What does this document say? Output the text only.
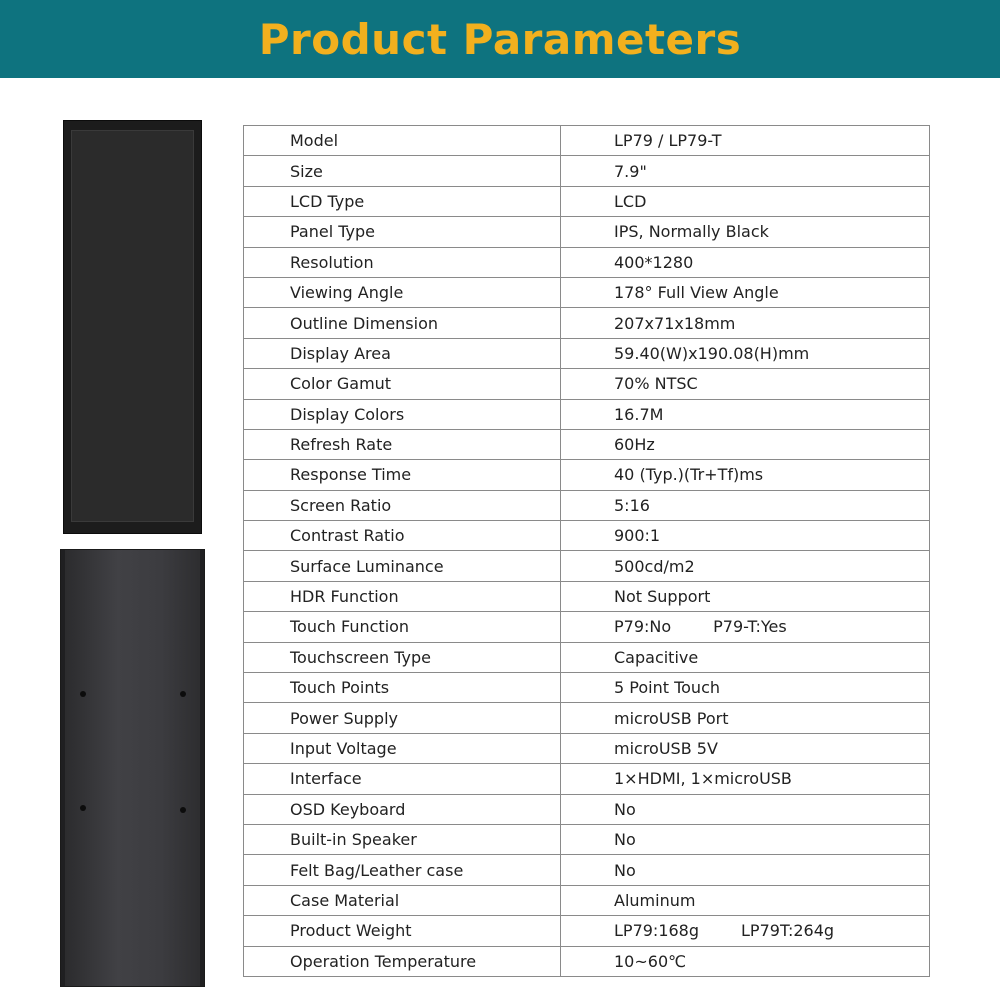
Product Parameters
Model	LP79 / LP79-T
Size	7.9"
LCD Type	LCD
Panel Type	IPS, Normally Black
Resolution	400*1280
Viewing Angle	178° Full View Angle
Outline Dimension	207x71x18mm
Display Area	59.40(W)x190.08(H)mm
Color Gamut	70% NTSC
Display Colors	16.7M
Refresh Rate	60Hz
Response Time	40 (Typ.)(Tr+Tf)ms
Screen Ratio	5:16
Contrast Ratio	900:1
Surface Luminance	500cd/m2
HDR Function	Not Support
Touch Function	P79:No P79-T:Yes
Touchscreen Type	Capacitive
Touch Points	5 Point Touch
Power Supply	microUSB Port
Input Voltage	microUSB 5V
Interface	1×HDMI, 1×microUSB
OSD Keyboard	No
Built-in Speaker	No
Felt Bag/Leather case	No
Case Material	Aluminum
Product Weight	LP79:168g LP79T:264g
Operation Temperature	10~60℃
